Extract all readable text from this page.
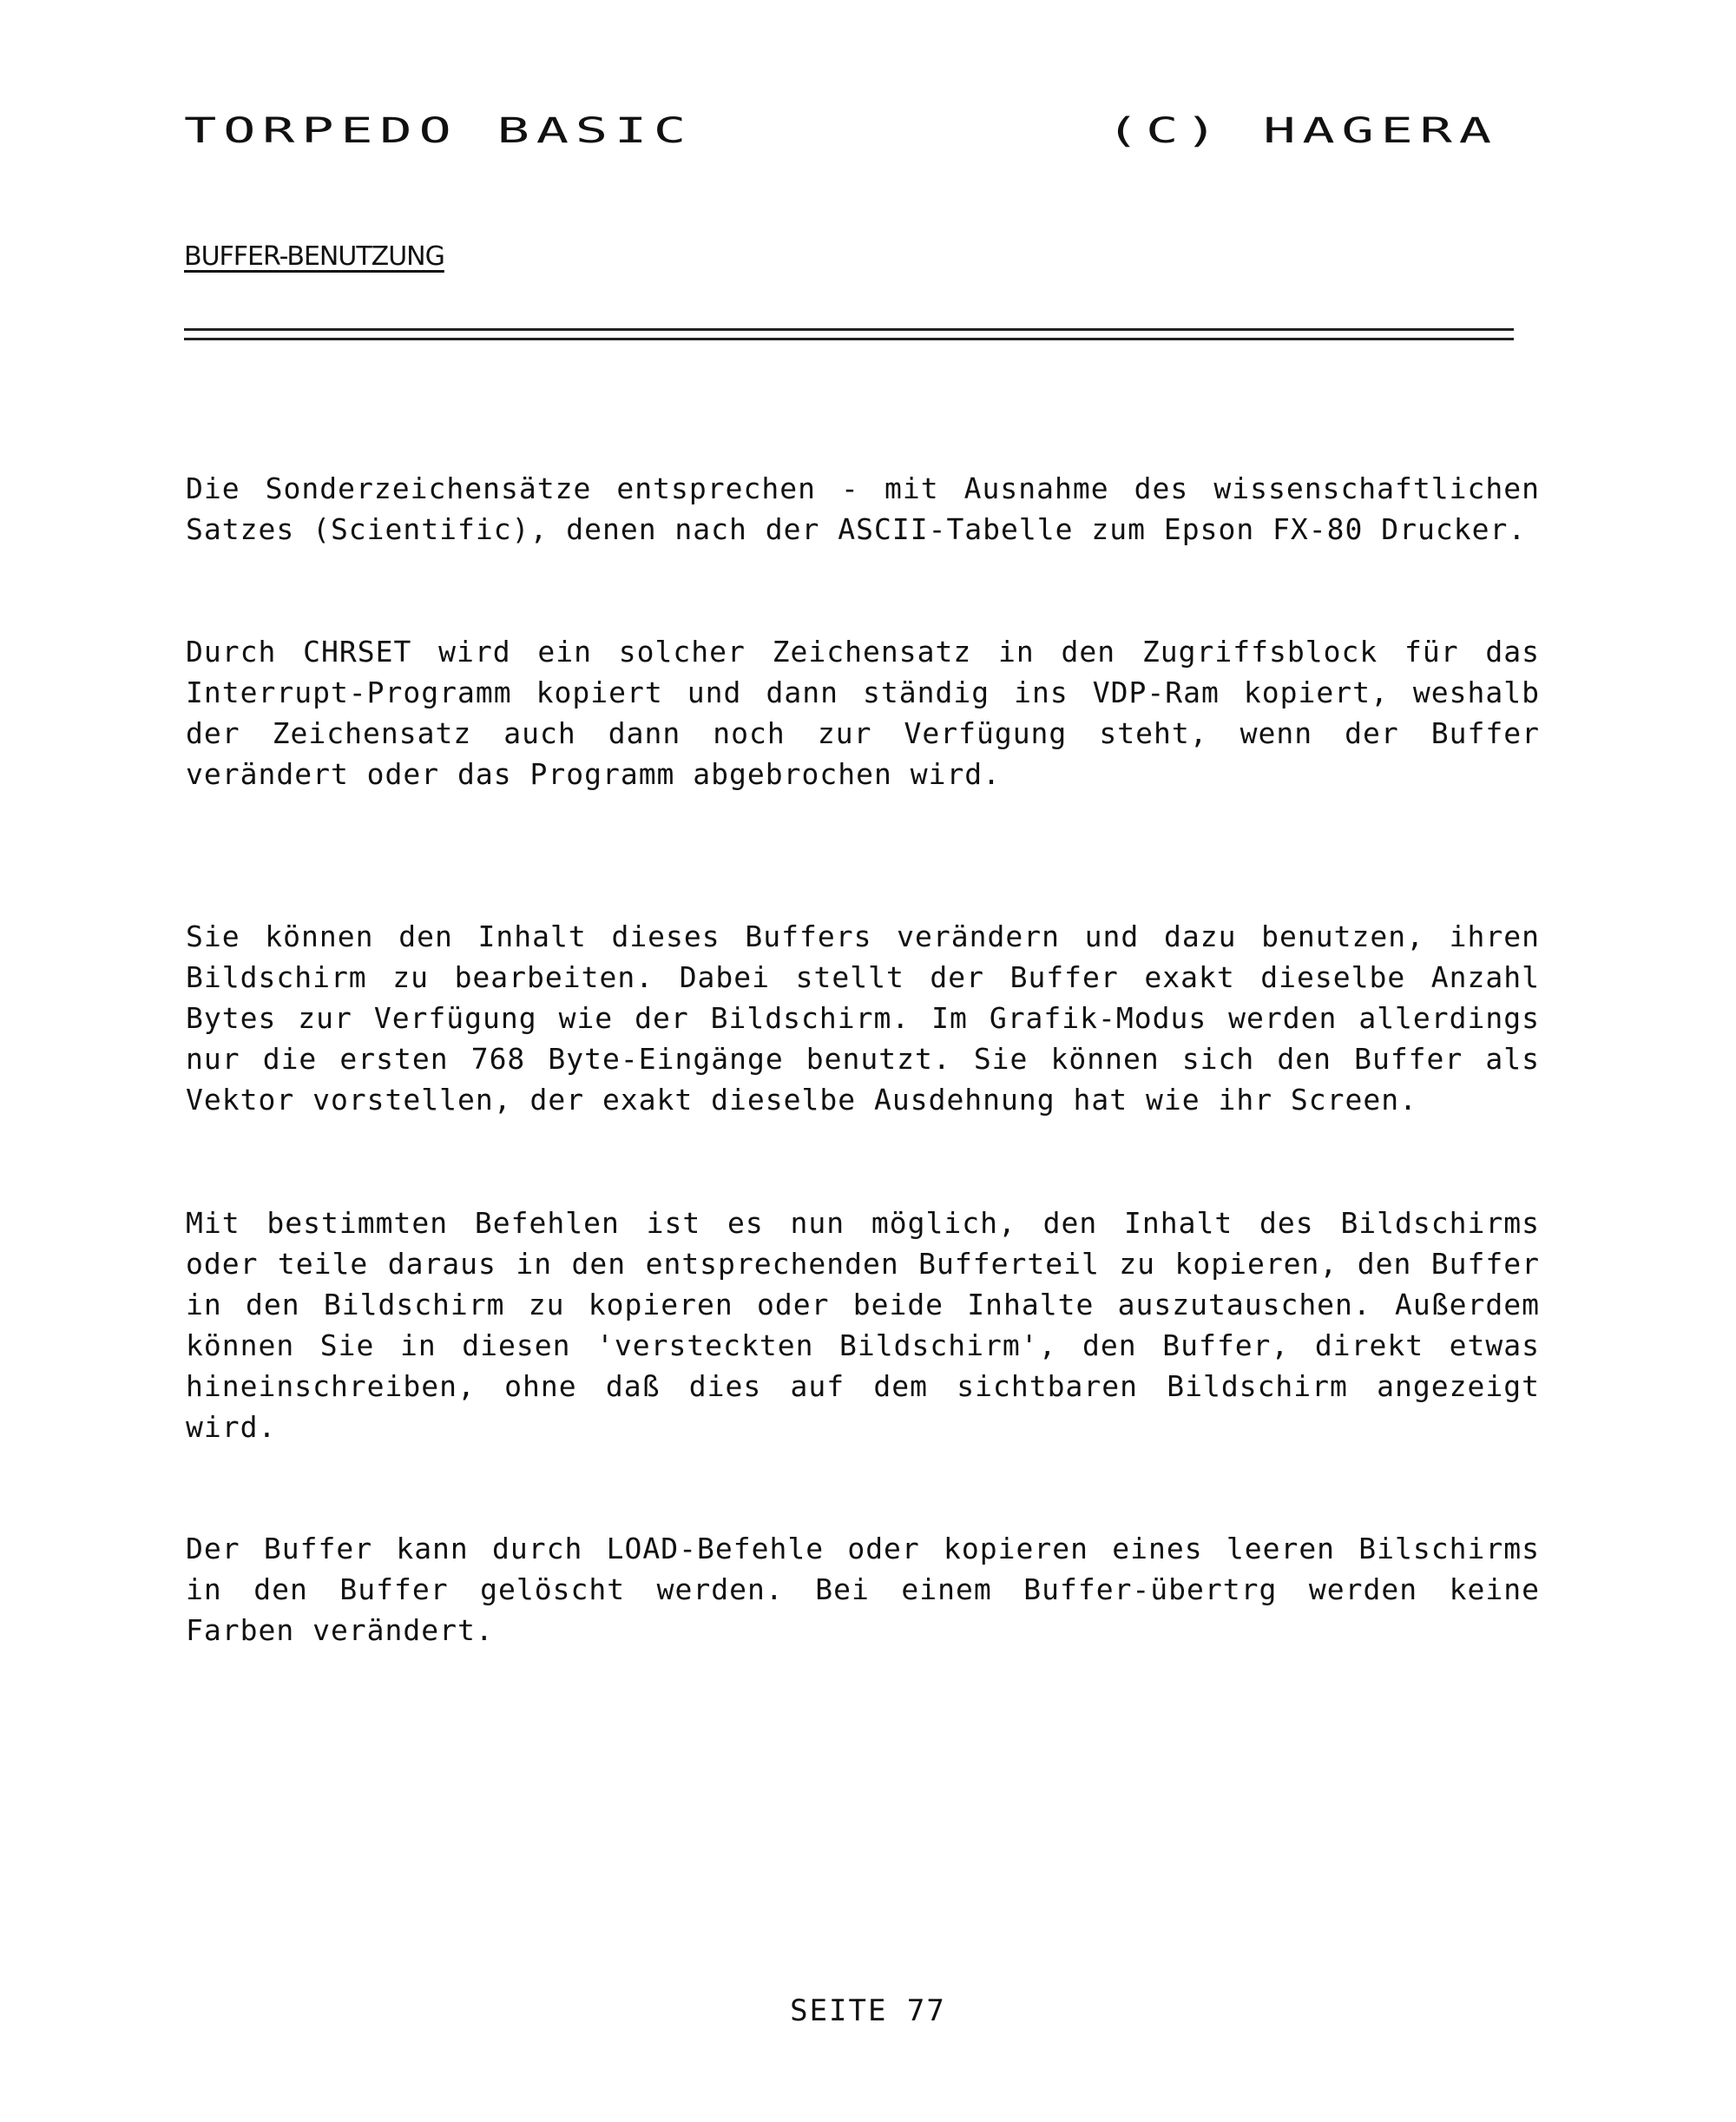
TORPEDO BASIC	(C) HAGERA
BUFFER-BENUTZUNG

Die Sonderzeichensätze entsprechen - mit Ausnahme des wissenschaftlichen Satzes (Scientific), denen nach der ASCII-Tabelle zum Epson FX-80 Drucker.

Durch CHRSET wird ein solcher Zeichensatz in den Zugriffsblock für das Interrupt-Programm kopiert und dann ständig ins VDP-Ram kopiert, weshalb der Zeichensatz auch dann noch zur Verfügung steht, wenn der Buffer verändert oder das Programm abgebrochen wird.

Sie können den Inhalt dieses Buffers verändern und dazu benutzen, ihren Bildschirm zu bearbeiten. Dabei stellt der Buffer exakt dieselbe Anzahl Bytes zur Verfügung wie der Bildschirm. Im Grafik-Modus werden allerdings nur die ersten 768 Byte-Eingänge benutzt. Sie können sich den Buffer als Vektor vorstellen, der exakt dieselbe Ausdehnung hat wie ihr Screen.

Mit bestimmten Befehlen ist es nun möglich, den Inhalt des Bildschirms oder teile daraus in den entsprechenden Bufferteil zu kopieren, den Buffer in den Bildschirm zu kopieren oder beide Inhalte auszutauschen. Außerdem können Sie in diesen 'versteckten Bildschirm', den Buffer, direkt etwas hineinschreiben, ohne daß dies auf dem sichtbaren Bildschirm angezeigt wird.

Der Buffer kann durch LOAD-Befehle oder kopieren eines leeren Bilschirms in den Buffer gelöscht werden. Bei einem Buffer-übertrg werden keine Farben verändert.

SEITE 77
